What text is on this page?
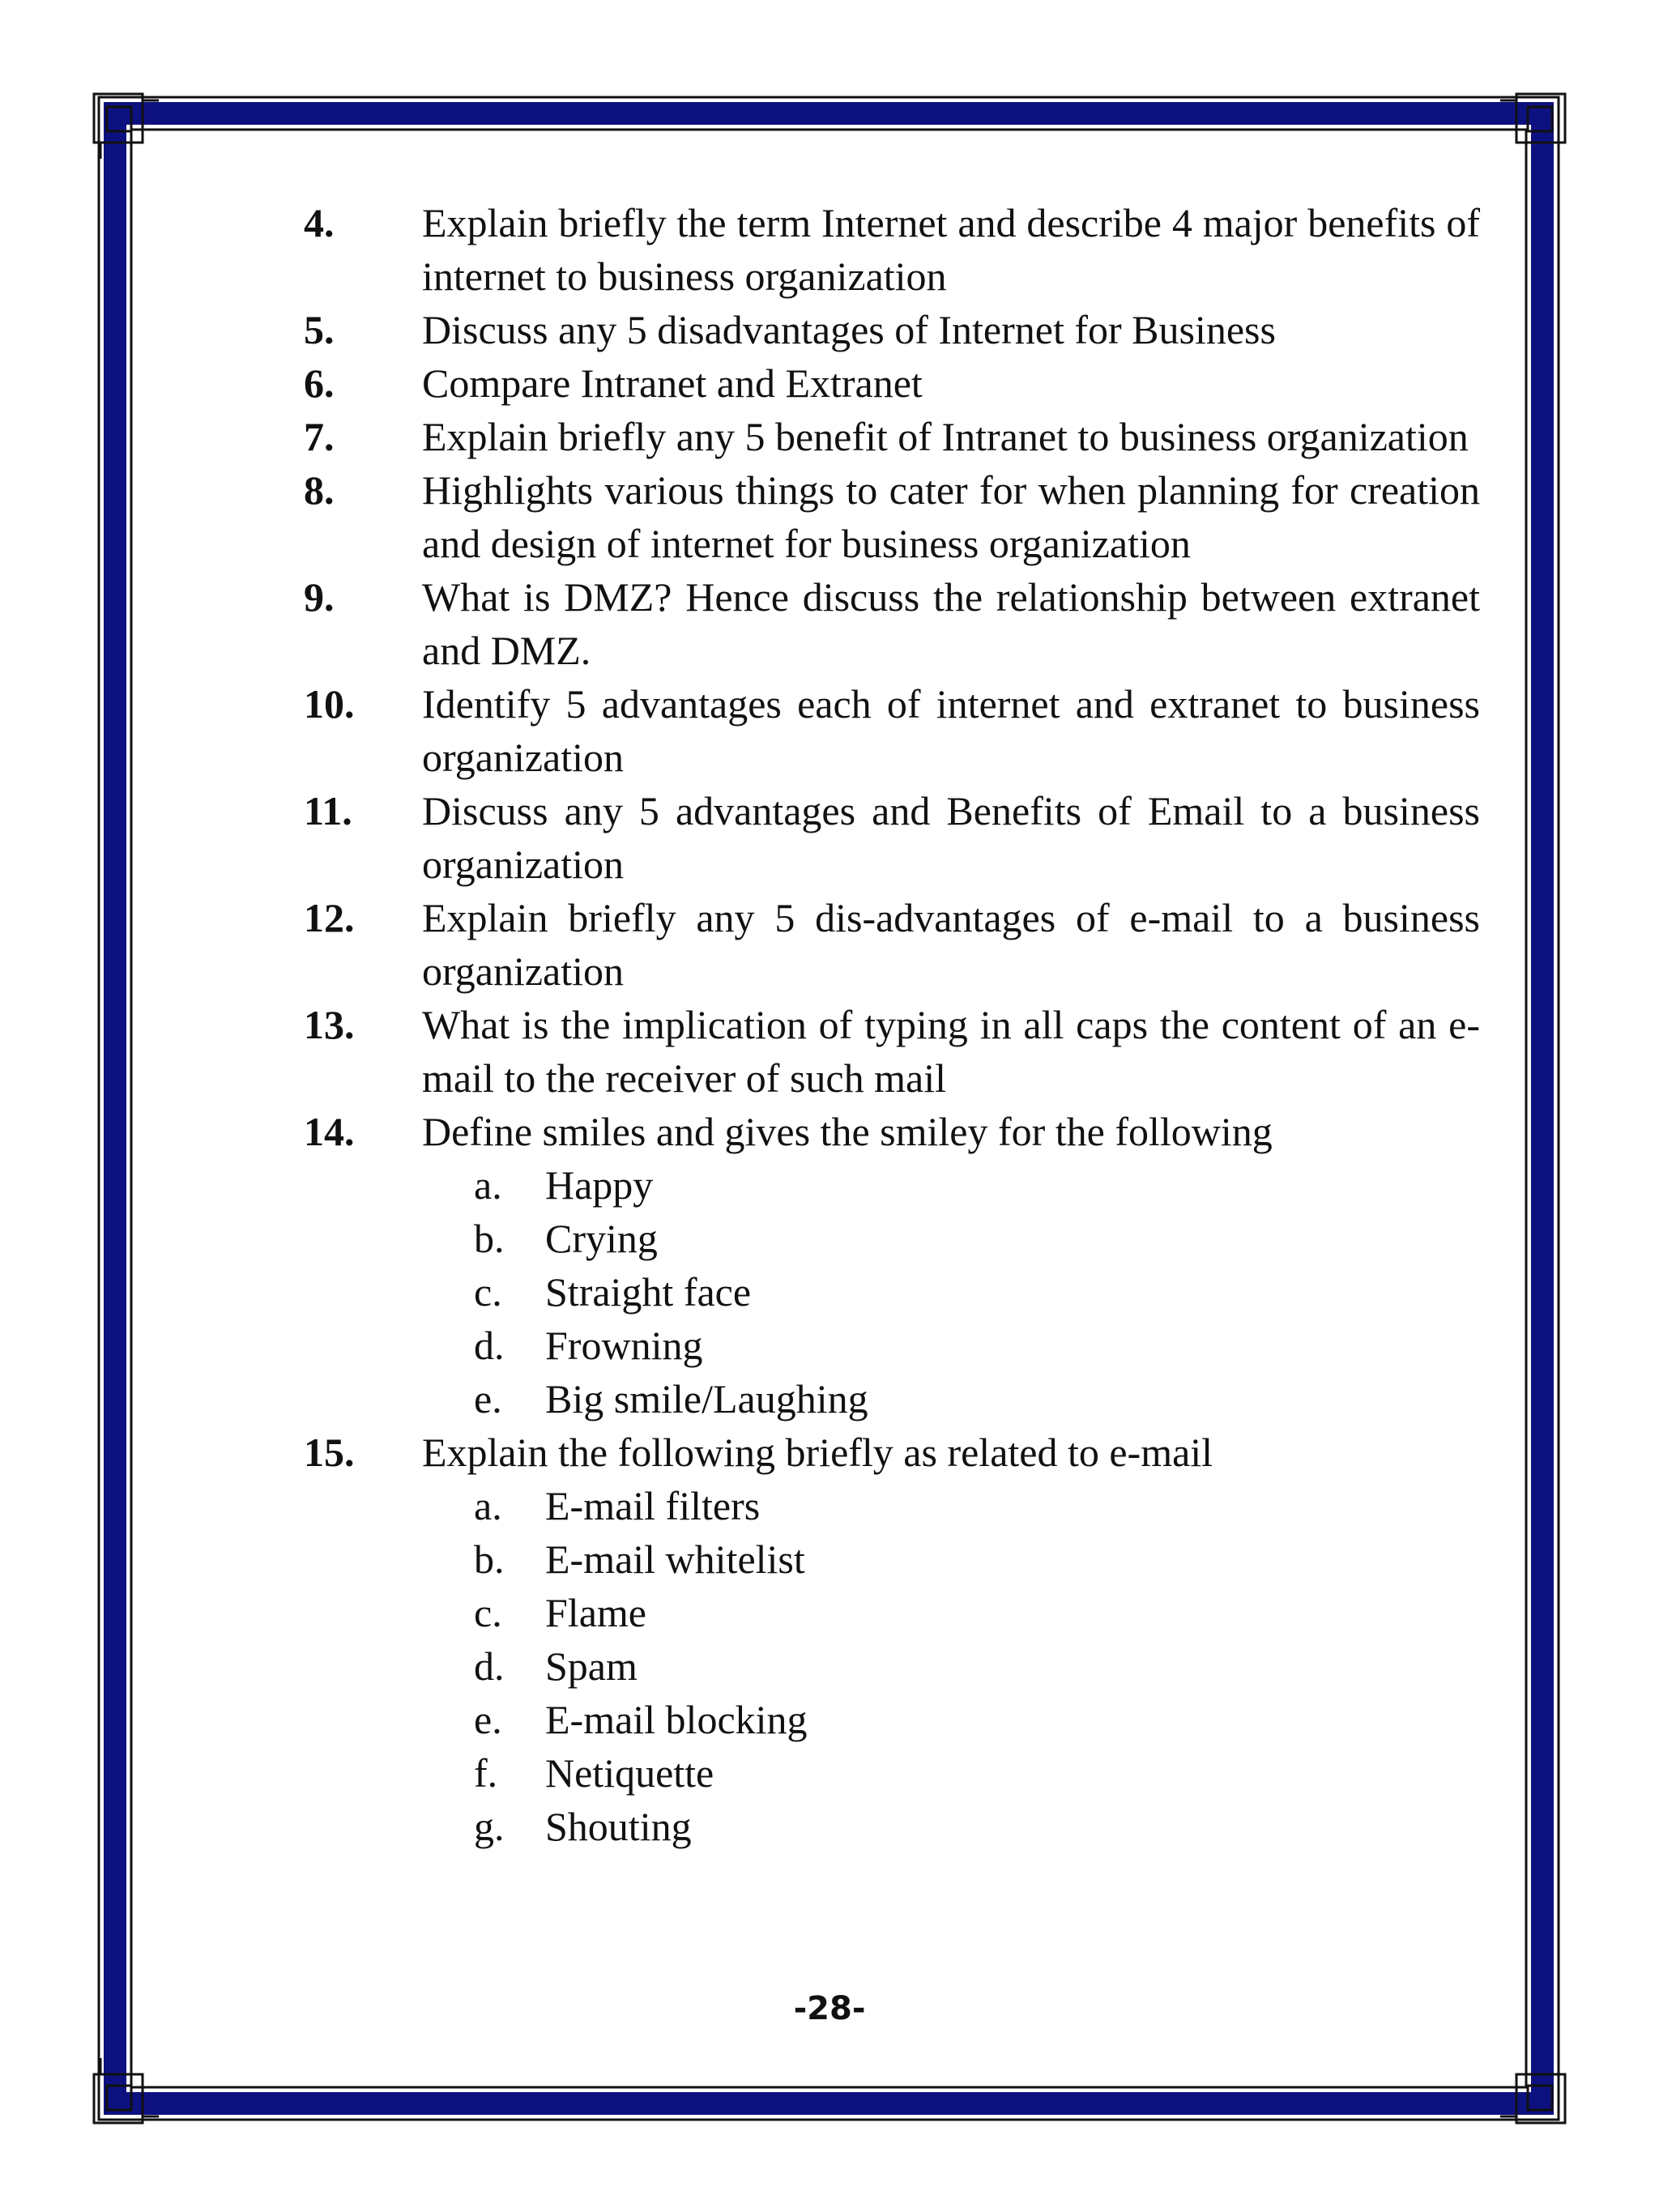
4.	Explain briefly the term Internet and describe 4 major benefits of internet to business organization
5.	Discuss any 5 disadvantages of Internet for Business
6.	Compare Intranet and Extranet
7.	Explain briefly any 5 benefit of Intranet to business organization
8.	Highlights various things to cater for when planning for creation and design of internet for business organization
9.	What is DMZ? Hence discuss the relationship between extranet and DMZ.
10.	Identify 5 advantages each of internet and extranet to business organization
11.	Discuss any 5 advantages and Benefits of Email to a business organization
12.	Explain briefly any 5 dis-advantages of e-mail to a business organization
13.	What is the implication of typing in all caps the content of an e-mail to the receiver of such mail
14.	Define smiles and gives the smiley for the following
a.	Happy
b.	Crying
c.	Straight face
d.	Frowning
e.	Big smile/Laughing
15.	Explain the following briefly as related to e-mail
a.	E-mail filters
b.	E-mail whitelist
c.	Flame
d.	Spam
e.	E-mail blocking
f.	Netiquette
g.	Shouting
-28-
